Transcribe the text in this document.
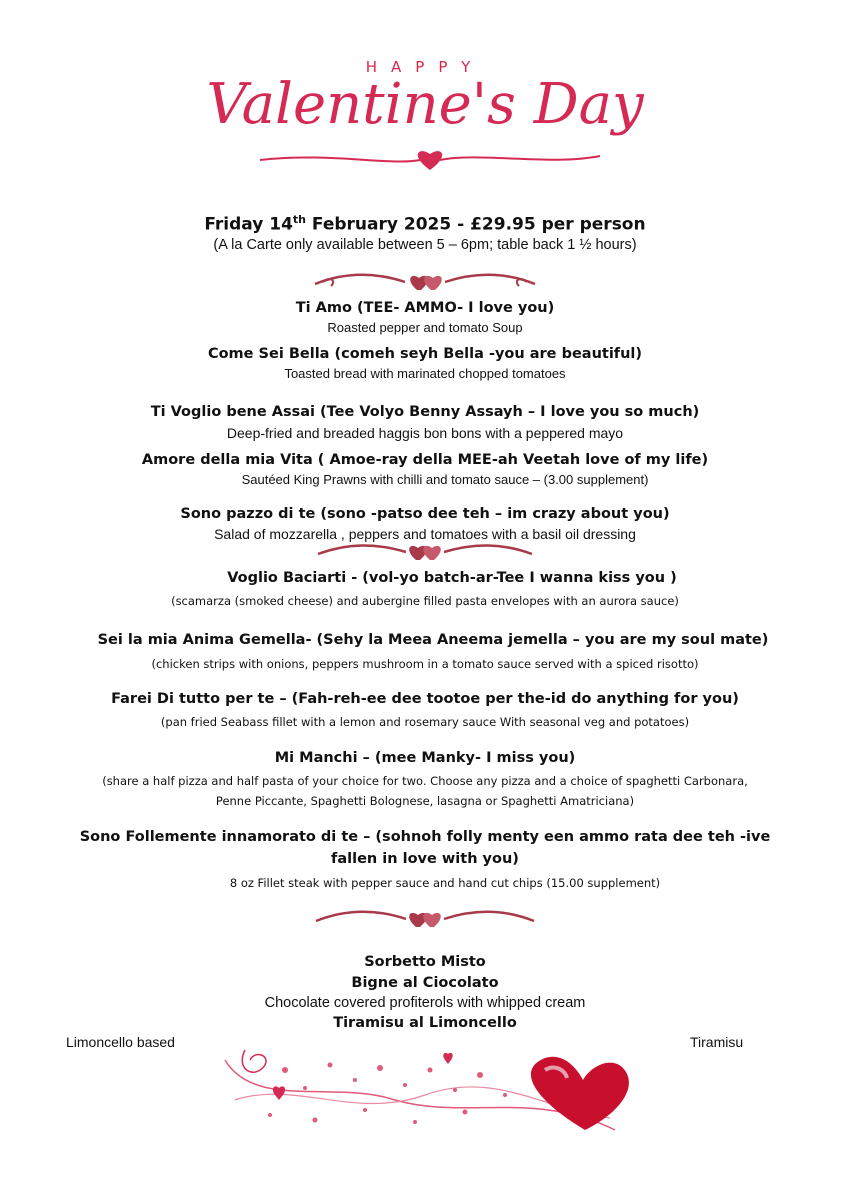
HAPPY
Valentine's Day
Friday 14th February 2025 - £29.95 per person
(A la Carte only available between 5 – 6pm; table back 1 ½ hours)
Ti Amo (TEE- AMMO- I love you)
Roasted pepper and tomato Soup
Come Sei Bella (comeh seyh Bella -you are beautiful)
Toasted bread with marinated chopped tomatoes
Ti Voglio bene Assai (Tee Volyo Benny Assayh – I love you so much)
Deep-fried and breaded haggis bon bons with a peppered mayo
Amore della mia Vita ( Amoe-ray della MEE-ah Veetah love of my life)
Sautéed King Prawns with chilli and tomato sauce – (3.00 supplement)
Sono pazzo di te (sono -patso dee teh – im crazy about you)
Salad of mozzarella , peppers and tomatoes with a basil oil dressing
Voglio Baciarti - (vol-yo batch-ar-Tee I wanna kiss you )
(scamarza (smoked cheese) and aubergine filled pasta envelopes with an aurora sauce)
Sei la mia Anima Gemella- (Sehy la Meea Aneema jemella – you are my soul mate)
(chicken strips with onions, peppers mushroom in a tomato sauce served with a spiced risotto)
Farei Di tutto per te – (Fah-reh-ee dee tootoe per the-id do anything for you)
(pan fried Seabass fillet with a lemon and rosemary sauce With seasonal veg and potatoes)
Mi Manchi – (mee Manky- I miss you)
(share a half pizza and half pasta of your choice for two. Choose any pizza and a choice of spaghetti Carbonara,
Penne Piccante, Spaghetti Bolognese, lasagna or Spaghetti Amatriciana)
Sono Follemente innamorato di te – (sohnoh folly menty een ammo rata dee teh -ive
fallen in love with you)
8 oz Fillet steak with pepper sauce and hand cut chips (15.00 supplement)
Sorbetto Misto
Bigne al Ciocolato
Chocolate covered profiterols with whipped cream
Tiramisu al Limoncello
Limoncello based	Tiramisu
